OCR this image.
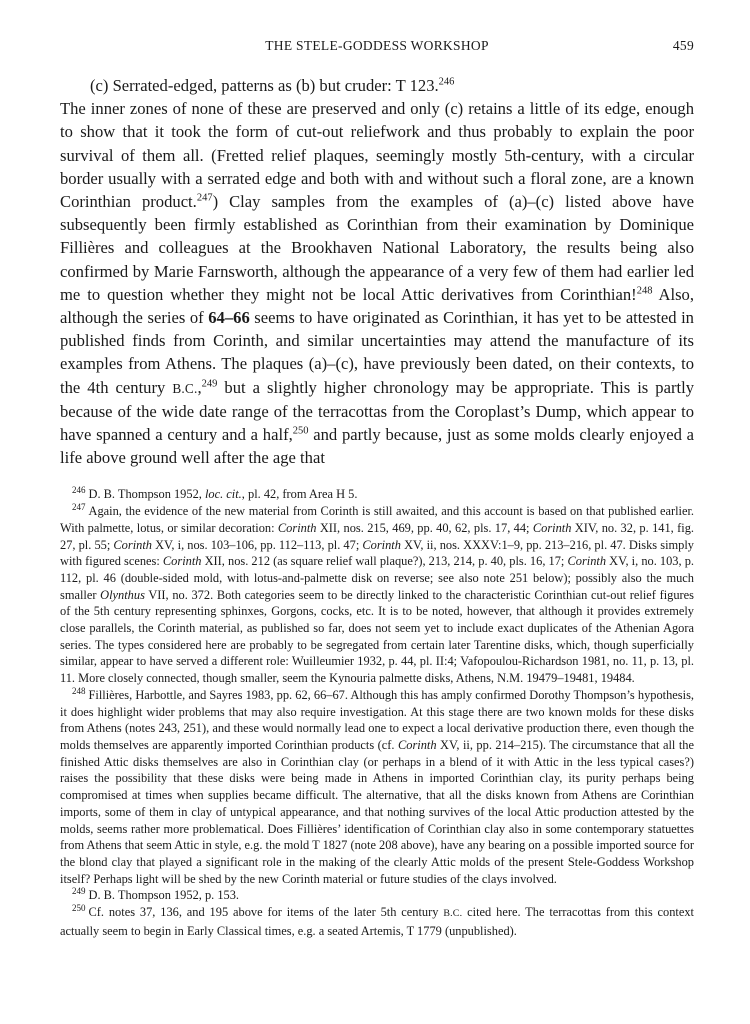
THE STELE-GODDESS WORKSHOP	459

(c) Serrated-edged, patterns as (b) but cruder: T 123.$^{246}$

The inner zones of none of these are preserved and only (c) retains a little of its edge, enough to show that it took the form of cut-out reliefwork and thus probably to explain the poor survival of them all. (Fretted relief plaques, seemingly mostly 5th-century, with a circular border usually with a serrated edge and both with and without such a floral zone, are a known Corinthian product.$^{247}$) Clay samples from the examples of (a)–(c) listed above have subsequently been firmly established as Corinthian from their examination by Dominique Fillières and colleagues at the Brookhaven National Laboratory, the results being also confirmed by Marie Farnsworth, although the appearance of a very few of them had earlier led me to question whether they might not be local Attic derivatives from Corinthian!$^{248}$ Also, although the series of 64–66 seems to have originated as Corinthian, it has yet to be attested in published finds from Corinth, and similar uncertainties may attend the manufacture of its examples from Athens. The plaques (a)–(c), have previously been dated, on their contexts, to the 4th century B.C.,$^{249}$ but a slightly higher chronology may be appropriate. This is partly because of the wide date range of the terracottas from the Coroplast’s Dump, which appear to have spanned a century and a half,$^{250}$ and partly because, just as some molds clearly enjoyed a life above ground well after the age that

$^{246}$ D. B. Thompson 1952, loc. cit., pl. 42, from Area H 5.

$^{247}$ Again, the evidence of the new material from Corinth is still awaited, and this account is based on that published earlier. With palmette, lotus, or similar decoration: Corinth XII, nos. 215, 469, pp. 40, 62, pls. 17, 44; Corinth XIV, no. 32, p. 141, fig. 27, pl. 55; Corinth XV, i, nos. 103–106, pp. 112–113, pl. 47; Corinth XV, ii, nos. XXXV:1–9, pp. 213–216, pl. 47. Disks simply with figured scenes: Corinth XII, nos. 212 (as square relief wall plaque?), 213, 214, p. 40, pls. 16, 17; Corinth XV, i, no. 103, p. 112, pl. 46 (double-sided mold, with lotus-and-palmette disk on reverse; see also note 251 below); possibly also the much smaller Olynthus VII, no. 372. Both categories seem to be directly linked to the characteristic Corinthian cut-out relief figures of the 5th century representing sphinxes, Gorgons, cocks, etc. It is to be noted, however, that although it provides extremely close parallels, the Corinth material, as published so far, does not seem yet to include exact duplicates of the Athenian Agora series. The types considered here are probably to be segregated from certain later Tarentine disks, which, though superficially similar, appear to have served a different role: Wuilleumier 1932, p. 44, pl. II:4; Vafopoulou-Richardson 1981, no. 11, p. 13, pl. 11. More closely connected, though smaller, seem the Kynouria palmette disks, Athens, N.M. 19479–19481, 19484.

$^{248}$ Fillières, Harbottle, and Sayres 1983, pp. 62, 66–67. Although this has amply confirmed Dorothy Thompson’s hypothesis, it does highlight wider problems that may also require investigation. At this stage there are two known molds for these disks from Athens (notes 243, 251), and these would normally lead one to expect a local derivative production there, even though the molds themselves are apparently imported Corinthian products (cf. Corinth XV, ii, pp. 214–215). The circumstance that all the finished Attic disks themselves are also in Corinthian clay (or perhaps in a blend of it with Attic in the less typical cases?) raises the possibility that these disks were being made in Athens in imported Corinthian clay, its purity perhaps being compromised at times when supplies became difficult. The alternative, that all the disks known from Athens are Corinthian imports, some of them in clay of untypical appearance, and that nothing survives of the local Attic production attested by the molds, seems rather more problematical. Does Fillières’ identification of Corinthian clay also in some contemporary statuettes from Athens that seem Attic in style, e.g. the mold T 1827 (note 208 above), have any bearing on a possible imported source for the blond clay that played a significant role in the making of the clearly Attic molds of the present Stele-Goddess Workshop itself? Perhaps light will be shed by the new Corinth material or future studies of the clays involved.

$^{249}$ D. B. Thompson 1952, p. 153.

$^{250}$ Cf. notes 37, 136, and 195 above for items of the later 5th century B.C. cited here. The terracottas from this context actually seem to begin in Early Classical times, e.g. a seated Artemis, T 1779 (unpublished).
